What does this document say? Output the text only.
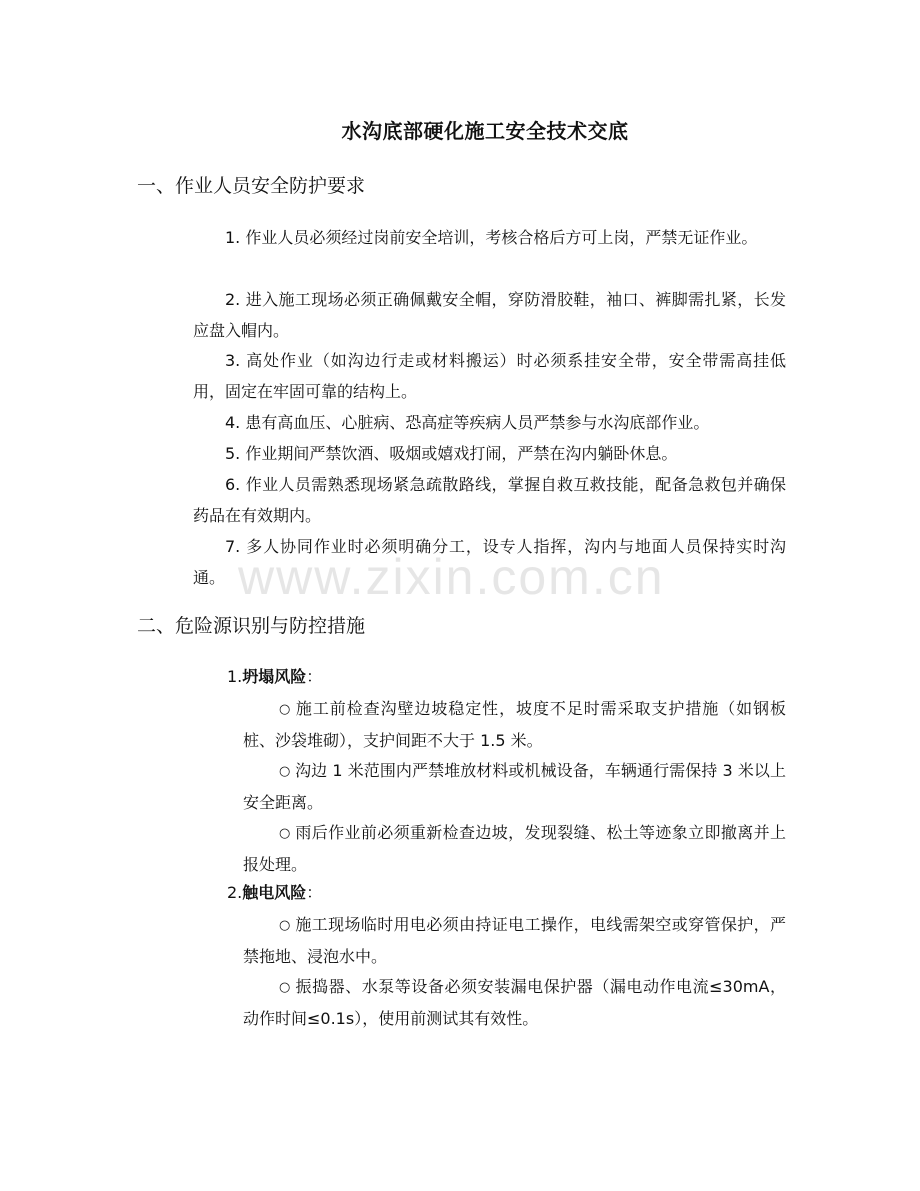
水沟底部硬化施工安全技术交底
一、作业人员安全防护要求

1. 作业人员必须经过岗前安全培训，考核合格后方可上岗，严禁无证作业。

2. 进入施工现场必须正确佩戴安全帽，穿防滑胶鞋，袖口、裤脚需扎紧，长发应盘入帽内。

3. 高处作业（如沟边行走或材料搬运）时必须系挂安全带，安全带需高挂低用，固定在牢固可靠的结构上。

4. 患有高血压、心脏病、恐高症等疾病人员严禁参与水沟底部作业。

5. 作业期间严禁饮酒、吸烟或嬉戏打闹，严禁在沟内躺卧休息。

6. 作业人员需熟悉现场紧急疏散路线，掌握自救互救技能，配备急救包并确保药品在有效期内。

7. 多人协同作业时必须明确分工，设专人指挥，沟内与地面人员保持实时沟通。

二、危险源识别与防控措施

1.坍塌风险：

○ 施工前检查沟壁边坡稳定性，坡度不足时需采取支护措施（如钢板桩、沙袋堆砌），支护间距不大于 1.5 米。

○ 沟边 1 米范围内严禁堆放材料或机械设备，车辆通行需保持 3 米以上安全距离。

○ 雨后作业前必须重新检查边坡，发现裂缝、松土等迹象立即撤离并上报处理。

2.触电风险：

○ 施工现场临时用电必须由持证电工操作，电线需架空或穿管保护，严禁拖地、浸泡水中。

○ 振捣器、水泵等设备必须安装漏电保护器（漏电动作电流≤30mA，动作时间≤0.1s），使用前测试其有效性。

www.zixin.com.cn
